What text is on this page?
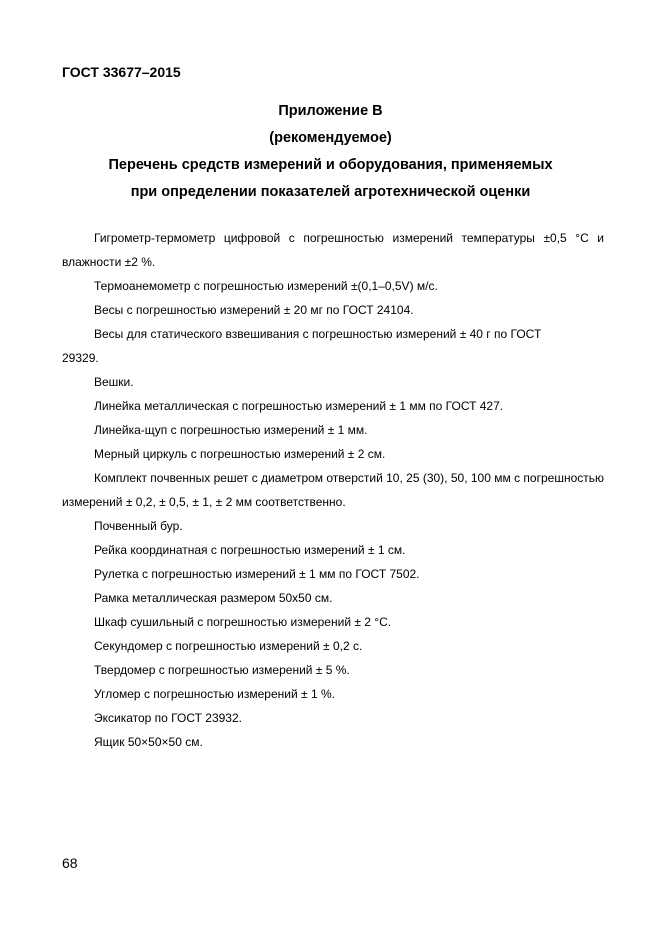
ГОСТ 33677–2015
Приложение В
(рекомендуемое)
Перечень средств измерений и оборудования, применяемых
при определении показателей агротехнической оценки

Гигрометр-термометр цифровой с погрешностью измерений температуры ±0,5 °С и влажности ±2 %.

Термоанемометр с погрешностью измерений ±(0,1–0,5V) м/с.

Весы с погрешностью измерений ± 20 мг по ГОСТ 24104.

Весы для статического взвешивания с погрешностью измерений ± 40 г по ГОСТ 29329.

Вешки.

Линейка металлическая с погрешностью измерений ± 1 мм по ГОСТ 427.

Линейка-щуп с погрешностью измерений ± 1 мм.

Мерный циркуль с погрешностью измерений ± 2 см.

Комплект почвенных решет с диаметром отверстий 10, 25 (30), 50, 100 мм с погрешностью измерений ± 0,2, ± 0,5, ± 1, ± 2 мм соответственно.

Почвенный бур.

Рейка координатная с погрешностью измерений ± 1 см.

Рулетка с погрешностью измерений ± 1 мм по ГОСТ 7502.

Рамка металлическая размером 50х50 см.

Шкаф сушильный с погрешностью измерений ± 2 °С.

Секундомер с погрешностью измерений ± 0,2 с.

Твердомер с погрешностью измерений ± 5 %.

Угломер с погрешностью измерений ± 1 %.

Эксикатор по ГОСТ 23932.

Ящик 50×50×50 см.

68
